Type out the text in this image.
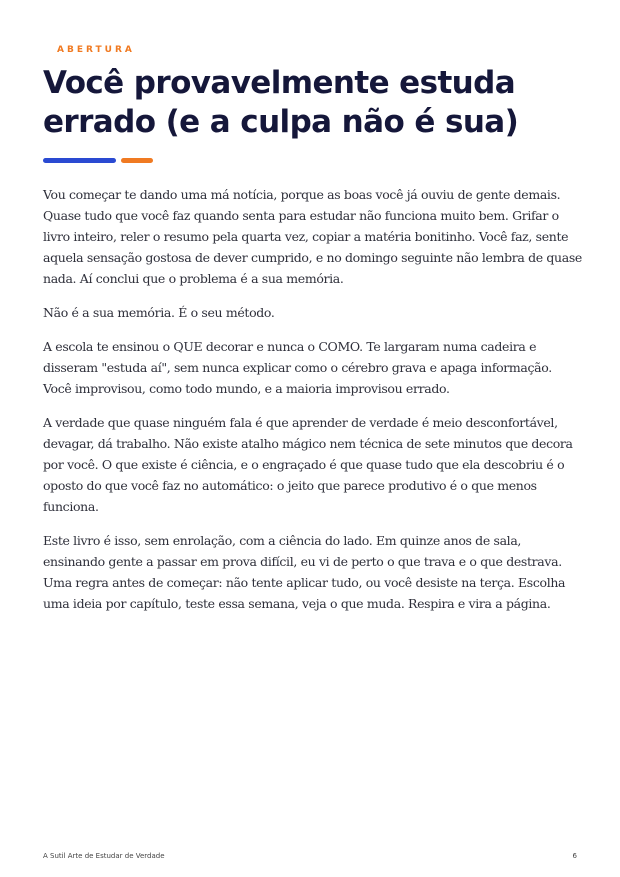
ABERTURA
Você provavelmente estuda errado (e a culpa não é sua)

Vou começar te dando uma má notícia, porque as boas você já ouviu de gente demais. Quase tudo que você faz quando senta para estudar não funciona muito bem. Grifar o livro inteiro, reler o resumo pela quarta vez, copiar a matéria bonitinho. Você faz, sente aquela sensação gostosa de dever cumprido, e no domingo seguinte não lembra de quase nada. Aí conclui que o problema é a sua memória.

Não é a sua memória. É o seu método.

A escola te ensinou o QUE decorar e nunca o COMO. Te largaram numa cadeira e disseram "estuda aí", sem nunca explicar como o cérebro grava e apaga informação. Você improvisou, como todo mundo, e a maioria improvisou errado.

A verdade que quase ninguém fala é que aprender de verdade é meio desconfortável, devagar, dá trabalho. Não existe atalho mágico nem técnica de sete minutos que decora por você. O que existe é ciência, e o engraçado é que quase tudo que ela descobriu é o oposto do que você faz no automático: o jeito que parece produtivo é o que menos funciona.

Este livro é isso, sem enrolação, com a ciência do lado. Em quinze anos de sala, ensinando gente a passar em prova difícil, eu vi de perto o que trava e o que destrava. Uma regra antes de começar: não tente aplicar tudo, ou você desiste na terça. Escolha uma ideia por capítulo, teste essa semana, veja o que muda. Respira e vira a página.

A Sutil Arte de Estudar de Verdade	6
